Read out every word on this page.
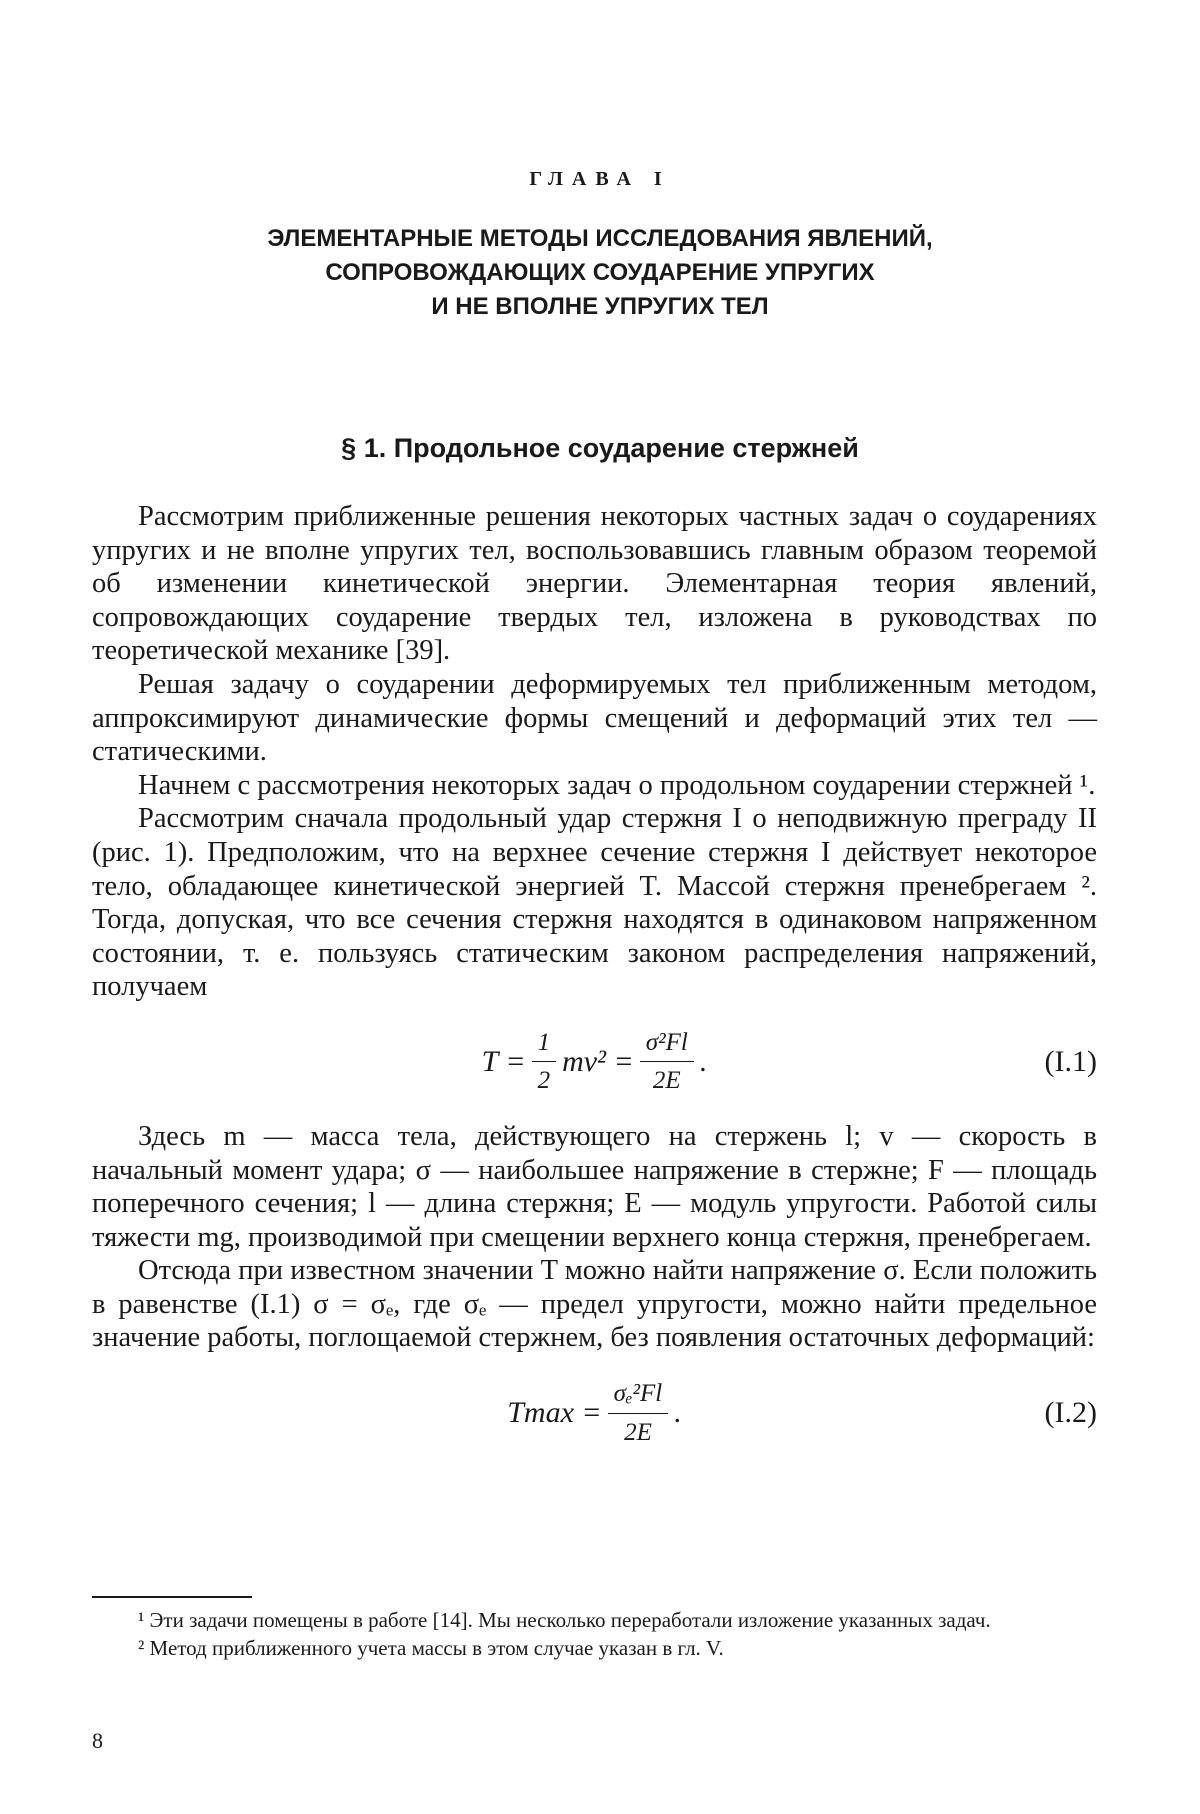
ГЛАВА I
ЭЛЕМЕНТАРНЫЕ МЕТОДЫ ИССЛЕДОВАНИЯ ЯВЛЕНИЙ,
СОПРОВОЖДАЮЩИХ СОУДАРЕНИЕ УПРУГИХ
И НЕ ВПОЛНЕ УПРУГИХ ТЕЛ
§ 1. Продольное соударение стержней

Рассмотрим приближенные решения некоторых частных задач о соударениях упругих и не вполне упругих тел, воспользовавшись главным образом теоремой об изменении кинетической энергии. Элементарная теория явлений, сопровождающих соударение твердых тел, изложена в руководствах по теоретической механике [39].

Решая задачу о соударении деформируемых тел приближенным методом, аппроксимируют динамические формы смещений и деформаций этих тел — статическими.

Начнем с рассмотрения некоторых задач о продольном соударении стержней ¹.

Рассмотрим сначала продольный удар стержня I о неподвижную преграду II (рис. 1). Предположим, что на верхнее сечение стержня I действует некоторое тело, обладающее кинетической энергией T. Массой стержня пренебрегаем ². Тогда, допуская, что все сечения стержня находятся в одинаковом напряженном состоянии, т. е. пользуясь статическим законом распределения напряжений, получаем

T =
1
2
mv² =
σ²Fl
2E
.	(I.1)

Здесь m — масса тела, действующего на стержень l; v — скорость в начальный момент удара; σ — наибольшее напряжение в стержне; F — площадь поперечного сечения; l — длина стержня; E — модуль упругости. Работой силы тяжести mg, производимой при смещении верхнего конца стержня, пренебрегаем.

Отсюда при известном значении T можно найти напряжение σ. Если положить в равенстве (I.1) σ = σₑ, где σₑ — предел упругости, можно найти предельное значение работы, поглощаемой стержнем, без появления остаточных деформаций:

Tmax =
σₑ²Fl
2E
.	(I.2)

¹ Эти задачи помещены в работе [14]. Мы несколько переработали изложение указанных задач.

² Метод приближенного учета массы в этом случае указан в гл. V.

8
